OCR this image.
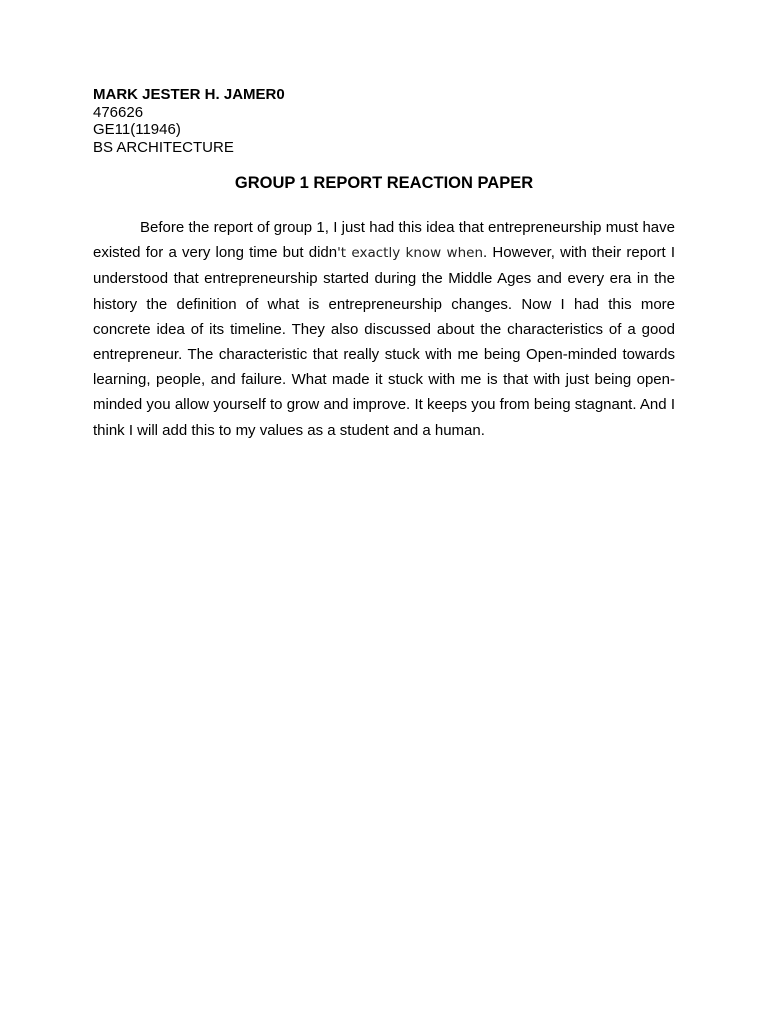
MARK JESTER H. JAMER0
476626
GE11(11946)
BS ARCHITECTURE
GROUP 1 REPORT REACTION PAPER

Before the report of group 1, I just had this idea that entrepreneurship must have existed for a very long time but didn't exactly know when. However, with their report I understood that entrepreneurship started during the Middle Ages and every era in the history the definition of what is entrepreneurship changes. Now I had this more concrete idea of its timeline. They also discussed about the characteristics of a good entrepreneur. The characteristic that really stuck with me being Open-minded towards learning, people, and failure. What made it stuck with me is that with just being open-minded you allow yourself to grow and improve. It keeps you from being stagnant. And I think I will add this to my values as a student and a human.
